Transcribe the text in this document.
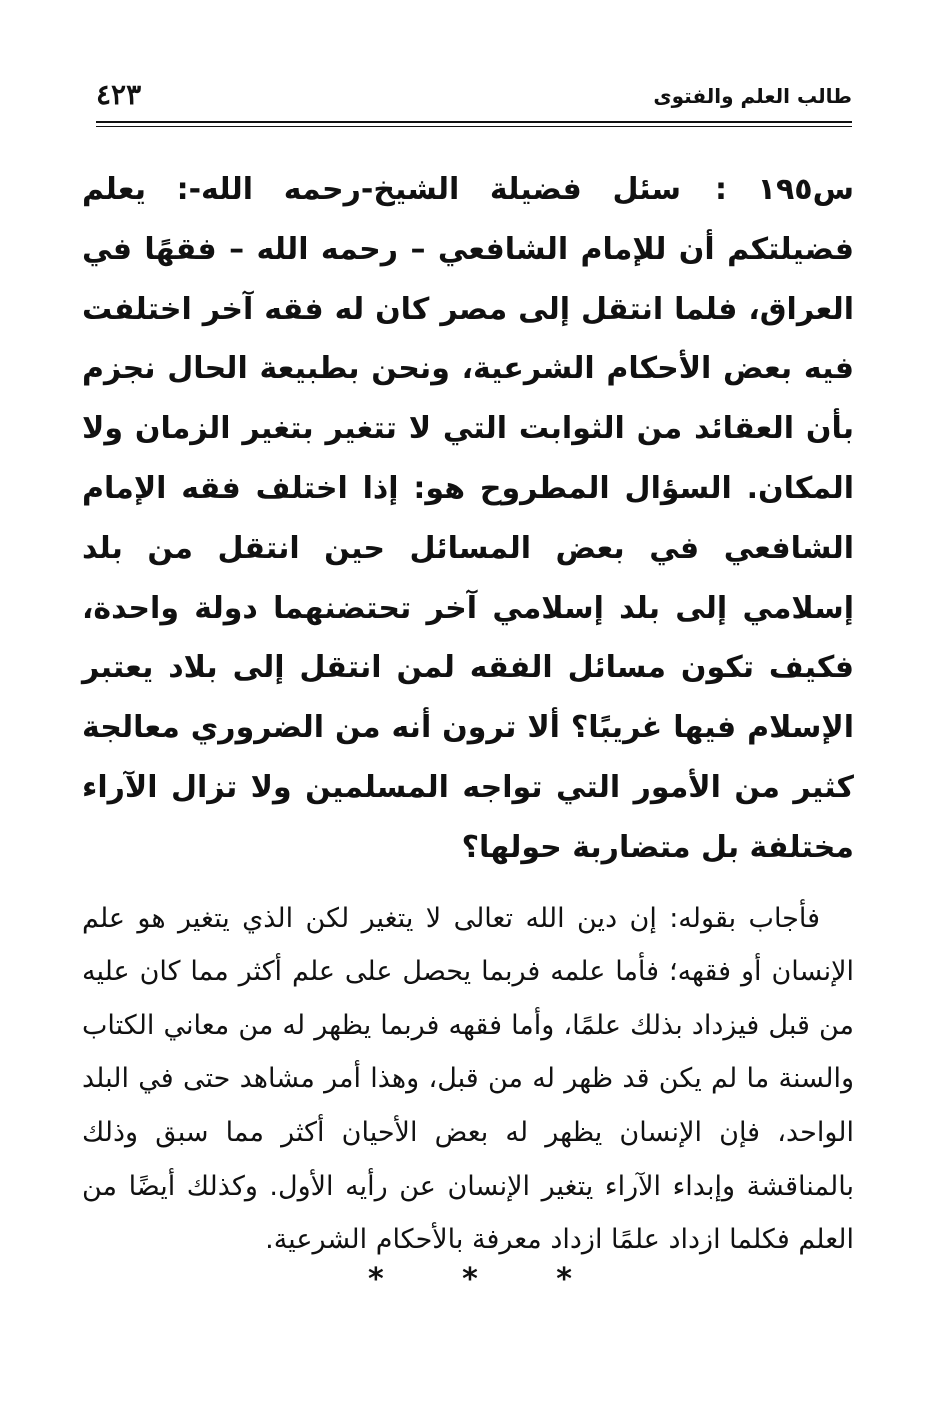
طالب العلم والفتوى
٤٢٣

س١٩٥ :سئل فضيلة الشيخ-رحمه الله-: يعلم فضيلتكم أن للإمام الشافعي – رحمه الله – فقهًا في العراق، فلما انتقل إلى مصر كان له فقه آخر اختلفت فيه بعض الأحكام الشرعية، ونحن بطبيعة الحال نجزم بأن العقائد من الثوابت التي لا تتغير بتغير الزمان ولا المكان. السؤال المطروح هو: إذا اختلف فقه الإمام الشافعي في بعض المسائل حين انتقل من بلد إسلامي إلى بلد إسلامي آخر تحتضنهما دولة واحدة، فكيف تكون مسائل الفقه لمن انتقل إلى بلاد يعتبر الإسلام فيها غريبًا؟ ألا ترون أنه من الضروري معالجة كثير من الأمور التي تواجه المسلمين ولا تزال الآراء مختلفة بل متضاربة حولها؟

فأجاب بقوله: إن دين الله تعالى لا يتغير لكن الذي يتغير هو علم الإنسان أو فقهه؛ فأما علمه فربما يحصل على علم أكثر مما كان عليه من قبل فيزداد بذلك علمًا، وأما فقهه فربما يظهر له من معاني الكتاب والسنة ما لم يكن قد ظهر له من قبل، وهذا أمر مشاهد حتى في البلد الواحد، فإن الإنسان يظهر له بعض الأحيان أكثر مما سبق وذلك بالمناقشة وإبداء الآراء يتغير الإنسان عن رأيه الأول. وكذلك أيضًا من العلم فكلما ازداد علمًا ازداد معرفة بالأحكام الشرعية.

* * *
